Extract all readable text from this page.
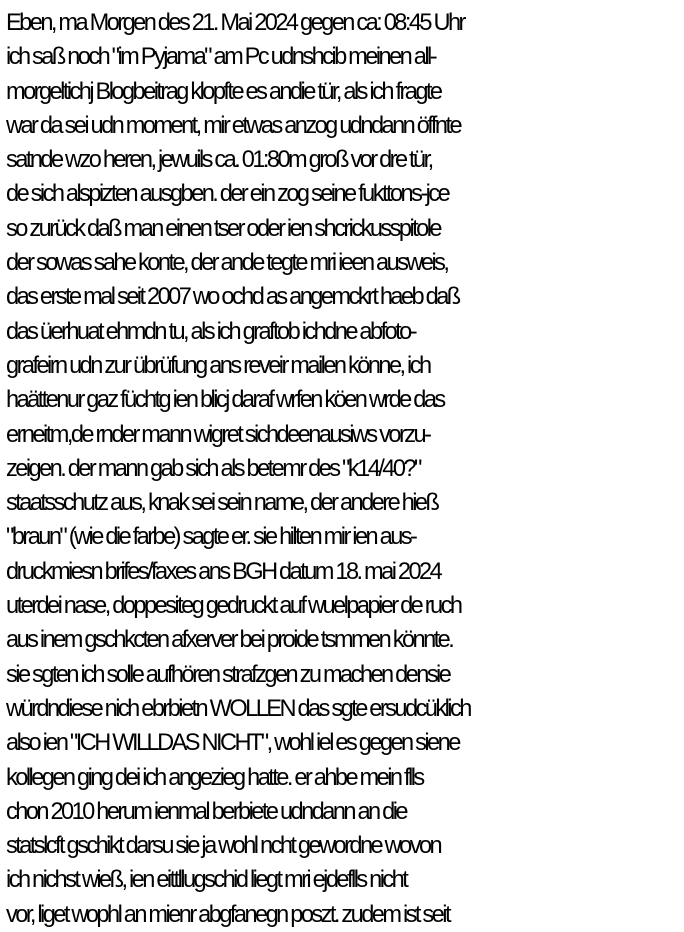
Eben, ma Morgen des 21. Mai 2024 gegen ca: 08:45 Uhr
ich saß noch "im Pyjama" am Pc udnshcib meinen all-
morgeltichj Blogbeitrag klopfte es andie tür, als ich fragte
war da sei udn moment, mir etwas anzog udndann öffnte
satnde wzo heren, jewuils ca. 01:80m groß vor dre tür,
de sich alspizten ausgben. der ein zog seine fukttons-jce
so zurück daß man einen tser oder ien shcrickusspitole
der sowas sahe konte, der ande tegte mri ieen ausweis,
das erste mal seit 2007 wo ochd as angemckrt haeb daß
das üerhuat ehmdn tu, als ich graftob ichdne abfoto-
grafeirn udn zur übrüfung ans reveir mailen könne, ich
haättenur gaz füchtg ien blicj daraf wrfen köen wrde das
erneitm,de rnder mann wigret sichdeenausiws vorzu-
zeigen. der mann gab sich als betemr des "k14/40?"
staatsschutz aus, knak sei sein name, der andere hieß
"braun" (wie die farbe) sagte er. sie hilten mir ien aus-
druckmiesn brifes/faxes ans BGH datum 18. mai 2024
uterdei nase, doppesiteg gedruckt auf wuelpapier de ruch
aus inem gschkcten afxerver bei proide tsmmen könnte.
sie sgten ich solle aufhören strafzgen zu machen densie
würdndiese nich ebrbietn WOLLEN das sgte ersudcüklich
also ien "ICH WILLDAS NICHT", wohl iel es gegen siene
kollegen ging dei ich angezieg hatte. er ahbe mein flls
chon 2010 herum ienmal berbiete udndann an die
statslcft gschikt darsu sie ja wohl ncht gewordne wovon
ich nichst wieß, ien eittllugschid liegt mri ejdeflls nicht
vor, liget wophl an mienr abgfanegn poszt. zudem ist seit
